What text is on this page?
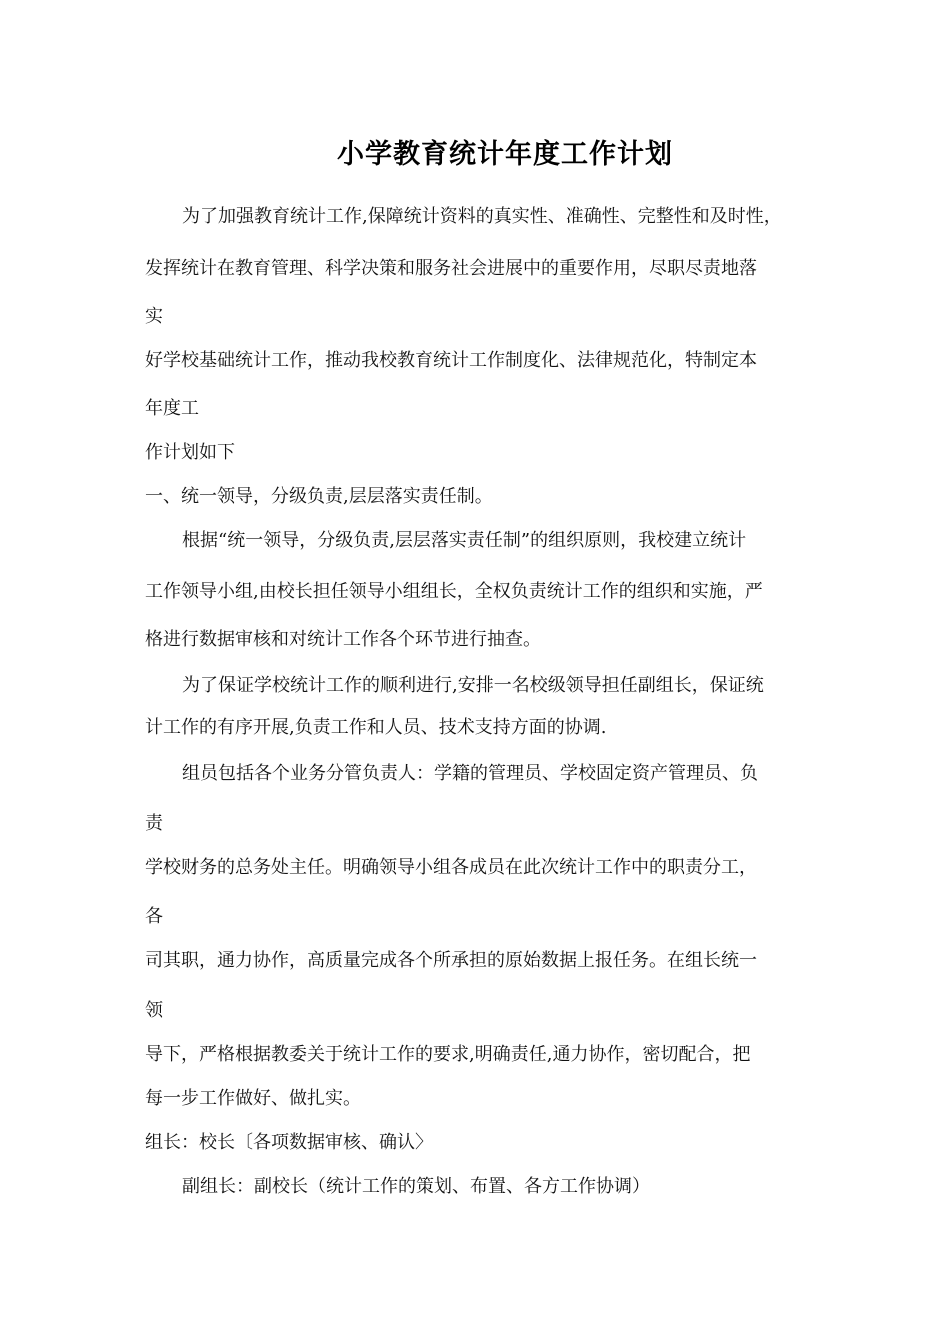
小学教育统计年度工作计划
为了加强教育统计工作,保障统计资料的真实性、准确性、完整性和及时性，
发挥统计在教育管理、科学决策和服务社会进展中的重要作用，尽职尽责地落
实
好学校基础统计工作，推动我校教育统计工作制度化、法律规范化，特制定本
年度工
作计划如下
一、统一领导，分级负责,层层落实责任制。
根据“统一领导，分级负责,层层落实责任制”的组织原则，我校建立统计
工作领导小组,由校长担任领导小组组长，全权负责统计工作的组织和实施，严
格进行数据审核和对统计工作各个环节进行抽查。
为了保证学校统计工作的顺利进行,安排一名校级领导担任副组长，保证统
计工作的有序开展,负责工作和人员、技术支持方面的协调.
组员包括各个业务分管负责人：学籍的管理员、学校固定资产管理员、负
责
学校财务的总务处主任。明确领导小组各成员在此次统计工作中的职责分工，
各
司其职，通力协作，高质量完成各个所承担的原始数据上报任务。在组长统一
领
导下，严格根据教委关于统计工作的要求,明确责任,通力协作，密切配合，把
每一步工作做好、做扎实。
组长：校长〔各项数据审核、确认〉
副组长：副校长（统计工作的策划、布置、各方工作协调）
